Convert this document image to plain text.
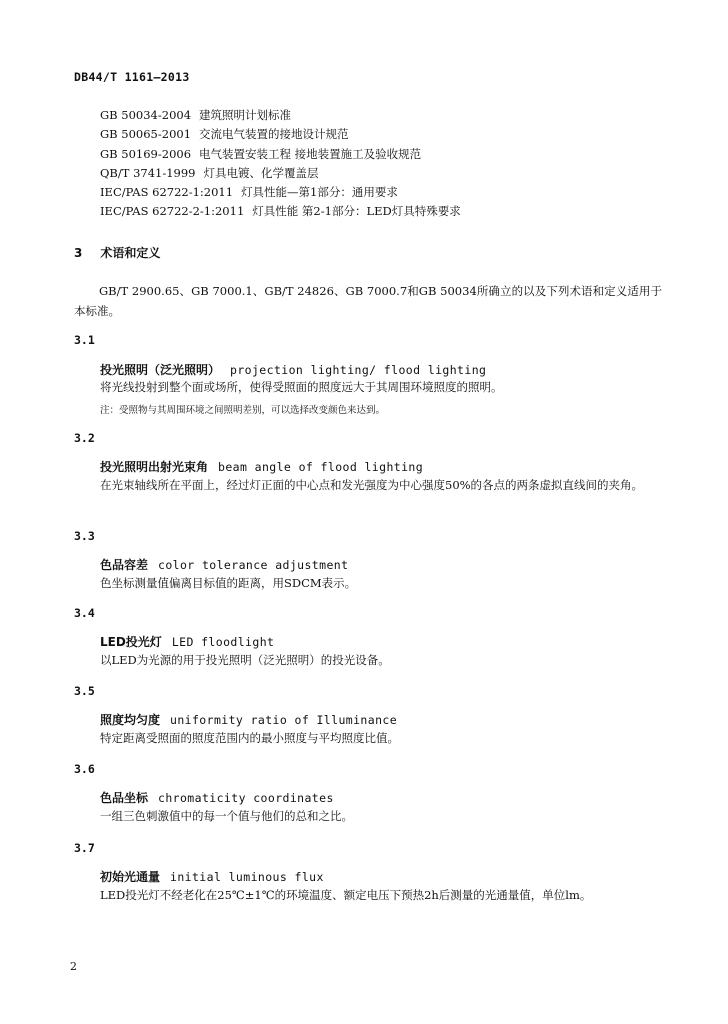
DB44/T 1161—2013
GB 50034-2004 建筑照明计划标准
GB 50065-2001 交流电气装置的接地设计规范
GB 50169-2006 电气装置安装工程 接地装置施工及验收规范
QB/T 3741-1999 灯具电镀、化学覆盖层
IEC/PAS 62722-1:2011 灯具性能—第1部分：通用要求
IEC/PAS 62722-2-1:2011 灯具性能 第2-1部分：LED灯具特殊要求
3 术语和定义
GB/T 2900.65、GB 7000.1、GB/T 24826、GB 7000.7和GB 50034所确立的以及下列术语和定义适用于本标准。
3.1
投光照明（泛光照明） projection lighting/ flood lighting
将光线投射到整个面或场所，使得受照面的照度远大于其周围环境照度的照明。
注：受照物与其周围环境之间照明差别，可以选择改变颜色来达到。
3.2
投光照明出射光束角 beam angle of flood lighting
在光束轴线所在平面上，经过灯正面的中心点和发光强度为中心强度50%的各点的两条虚拟直线间的夹角。
3.3
色品容差 color tolerance adjustment
色坐标测量值偏离目标值的距离，用SDCM表示。
3.4
LED投光灯 LED floodlight
以LED为光源的用于投光照明（泛光照明）的投光设备。
3.5
照度均匀度 uniformity ratio of Illuminance
特定距离受照面的照度范围内的最小照度与平均照度比值。
3.6
色品坐标 chromaticity coordinates
一组三色刺激值中的每一个值与他们的总和之比。
3.7
初始光通量 initial luminous flux
LED投光灯不经老化在25℃±1℃的环境温度、额定电压下预热2h后测量的光通量值，单位lm。
2
